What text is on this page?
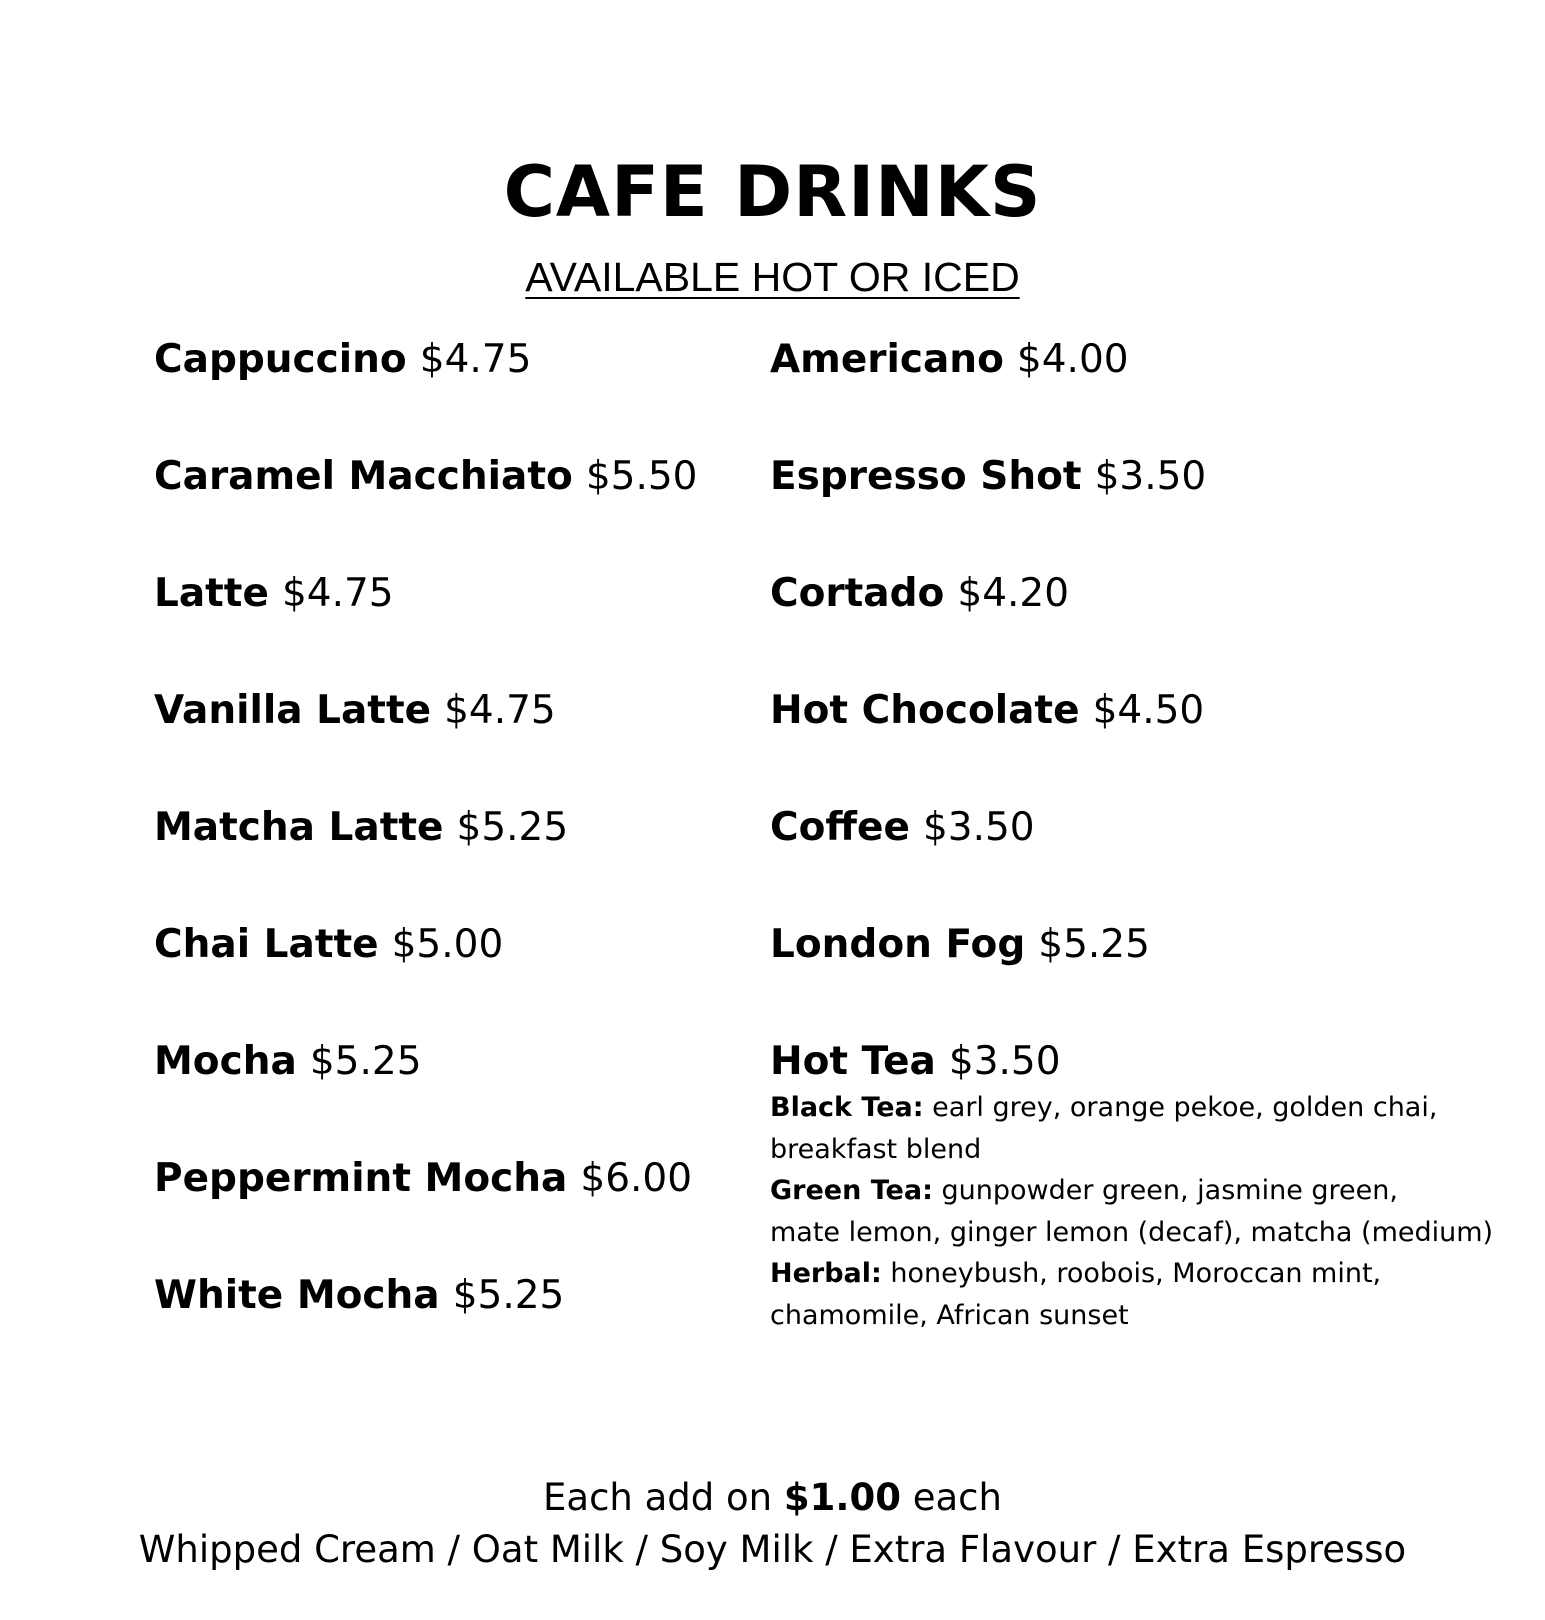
CAFE DRINKS
AVAILABLE HOT OR ICED
Cappuccino $4.75
Caramel Macchiato $5.50
Latte $4.75
Vanilla Latte $4.75
Matcha Latte $5.25
Chai Latte $5.00
Mocha $5.25
Peppermint Mocha $6.00
White Mocha $5.25
Americano $4.00
Espresso Shot $3.50
Cortado $4.20
Hot Chocolate $4.50
Coffee $3.50
London Fog $5.25
Hot Tea $3.50
Black Tea: earl grey, orange pekoe, golden chai,
breakfast blend
Green Tea: gunpowder green, jasmine green,
mate lemon, ginger lemon (decaf), matcha (medium)
Herbal: honeybush, roobois, Moroccan mint,
chamomile, African sunset
Each add on $1.00 each
Whipped Cream / Oat Milk / Soy Milk / Extra Flavour / Extra Espresso
